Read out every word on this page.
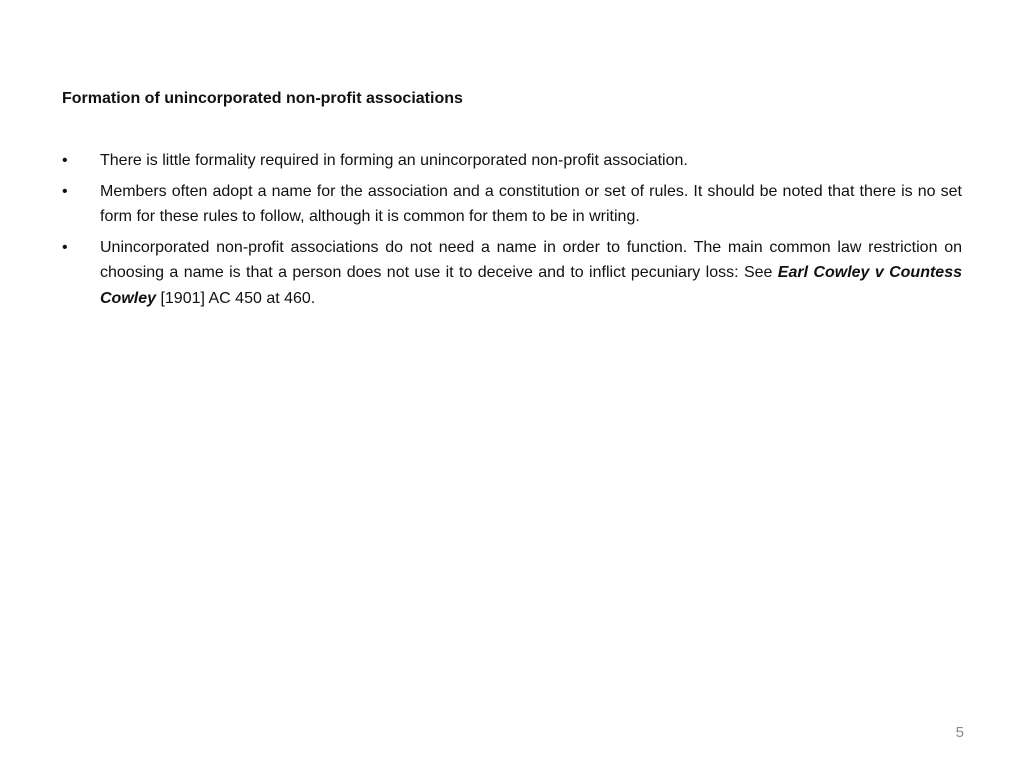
Formation of unincorporated non-profit associations
•	There is little formality required in forming an unincorporated non-profit association.
•	Members often adopt a name for the association and a constitution or set of rules. It should be noted that there is no set form for these rules to follow, although it is common for them to be in writing.
•	Unincorporated non-profit associations do not need a name in order to function. The main common law restriction on choosing a name is that a person does not use it to deceive and to inflict pecuniary loss: See Earl Cowley v Countess Cowley [1901] AC 450 at 460.
5
